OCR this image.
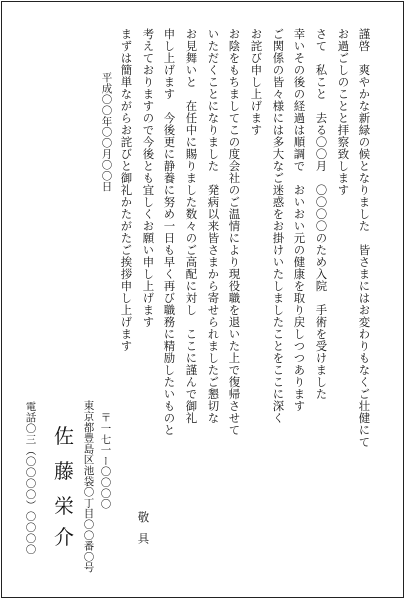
謹啓　爽やかな新緑の候となりました　皆さまにはお変わりもなくご壮健にて
お過ごしのことと拝察致します
さて　私こと　去る〇〇月　〇〇〇〇のため入院　手術を受けました
幸いその後の経過は順調で　おいおい元の健康を取り戻しつつあります
ご関係の皆々様には多大なご迷惑をお掛けいたしましたことをここに深く
お詫び申し上げます
お陰をもちましてこの度会社のご温情により現役職を退いた上で復帰させて
いただくことになりました　発病以来皆さまから寄せられましたご懇切な
お見舞いと　在任中に賜りました数々のご高配に対し　ここに謹んで御礼
申し上げます　今後更に静養に努め一日も早く再び職務に精励したいものと
考えておりますので今後とも宜しくお願い申し上げます
まずは簡単ながらお詫びと御礼かたがたご挨拶申し上げます
敬具
平成〇〇年〇〇月〇〇日
〒一七一ー〇〇〇〇
東京都豊島区池袋〇丁目〇〇番〇号
佐
藤
栄
介
電話〇三（〇〇〇〇）〇〇〇〇
